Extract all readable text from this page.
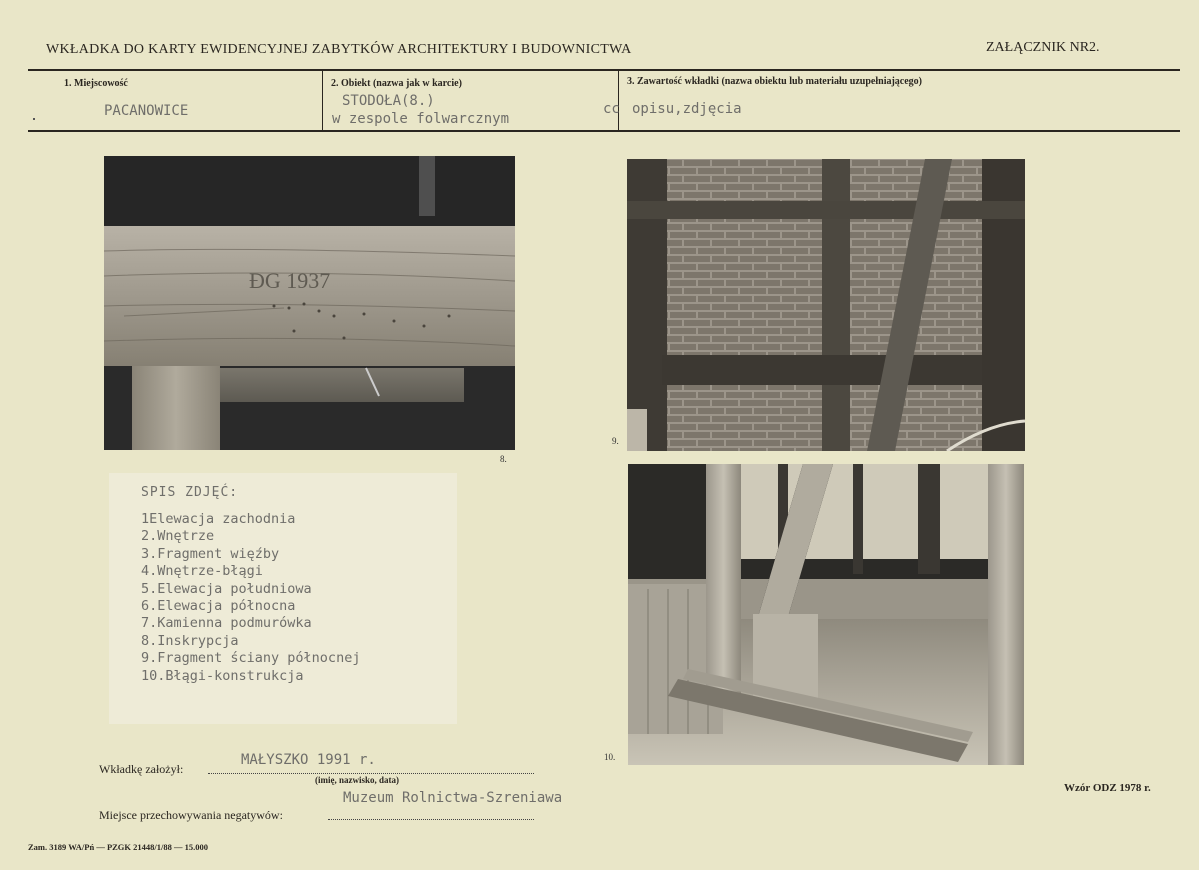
WKŁADKA DO KARTY EWIDENCYJNEJ ZABYTKÓW ARCHITEKTURY I BUDOWNICTWA	ZAŁĄCZNIK NR2.
1. Miejscowość
PACANOWICE
2. Obiekt (nazwa jak w karcie)
STODOŁA(8.)
w zespole folwarcznym
cc
3. Zawartość wkładki (nazwa obiektu lub materiału uzupełniającego)
opisu,zdjęcia
ĐG 1937
8.
9.
SPIS ZDJĘĆ:
1Elewacja zachodnia
2.Wnętrze
3.Fragment więźby
4.Wnętrze-błągi
5.Elewacja południowa
6.Elewacja północna
7.Kamienna podmurówka
8.Inskrypcja
9.Fragment ściany północnej
10.Błągi-konstrukcja
10.
Wkładkę założył:
MAŁYSZKO 1991 r.
(imię, nazwisko, data)
Muzeum Rolnictwa-Szreniawa
Miejsce przechowywania negatywów:
Wzór ODZ 1978 r.
Zam. 3189 WA/Pń — PZGK 21448/1/88 — 15.000
